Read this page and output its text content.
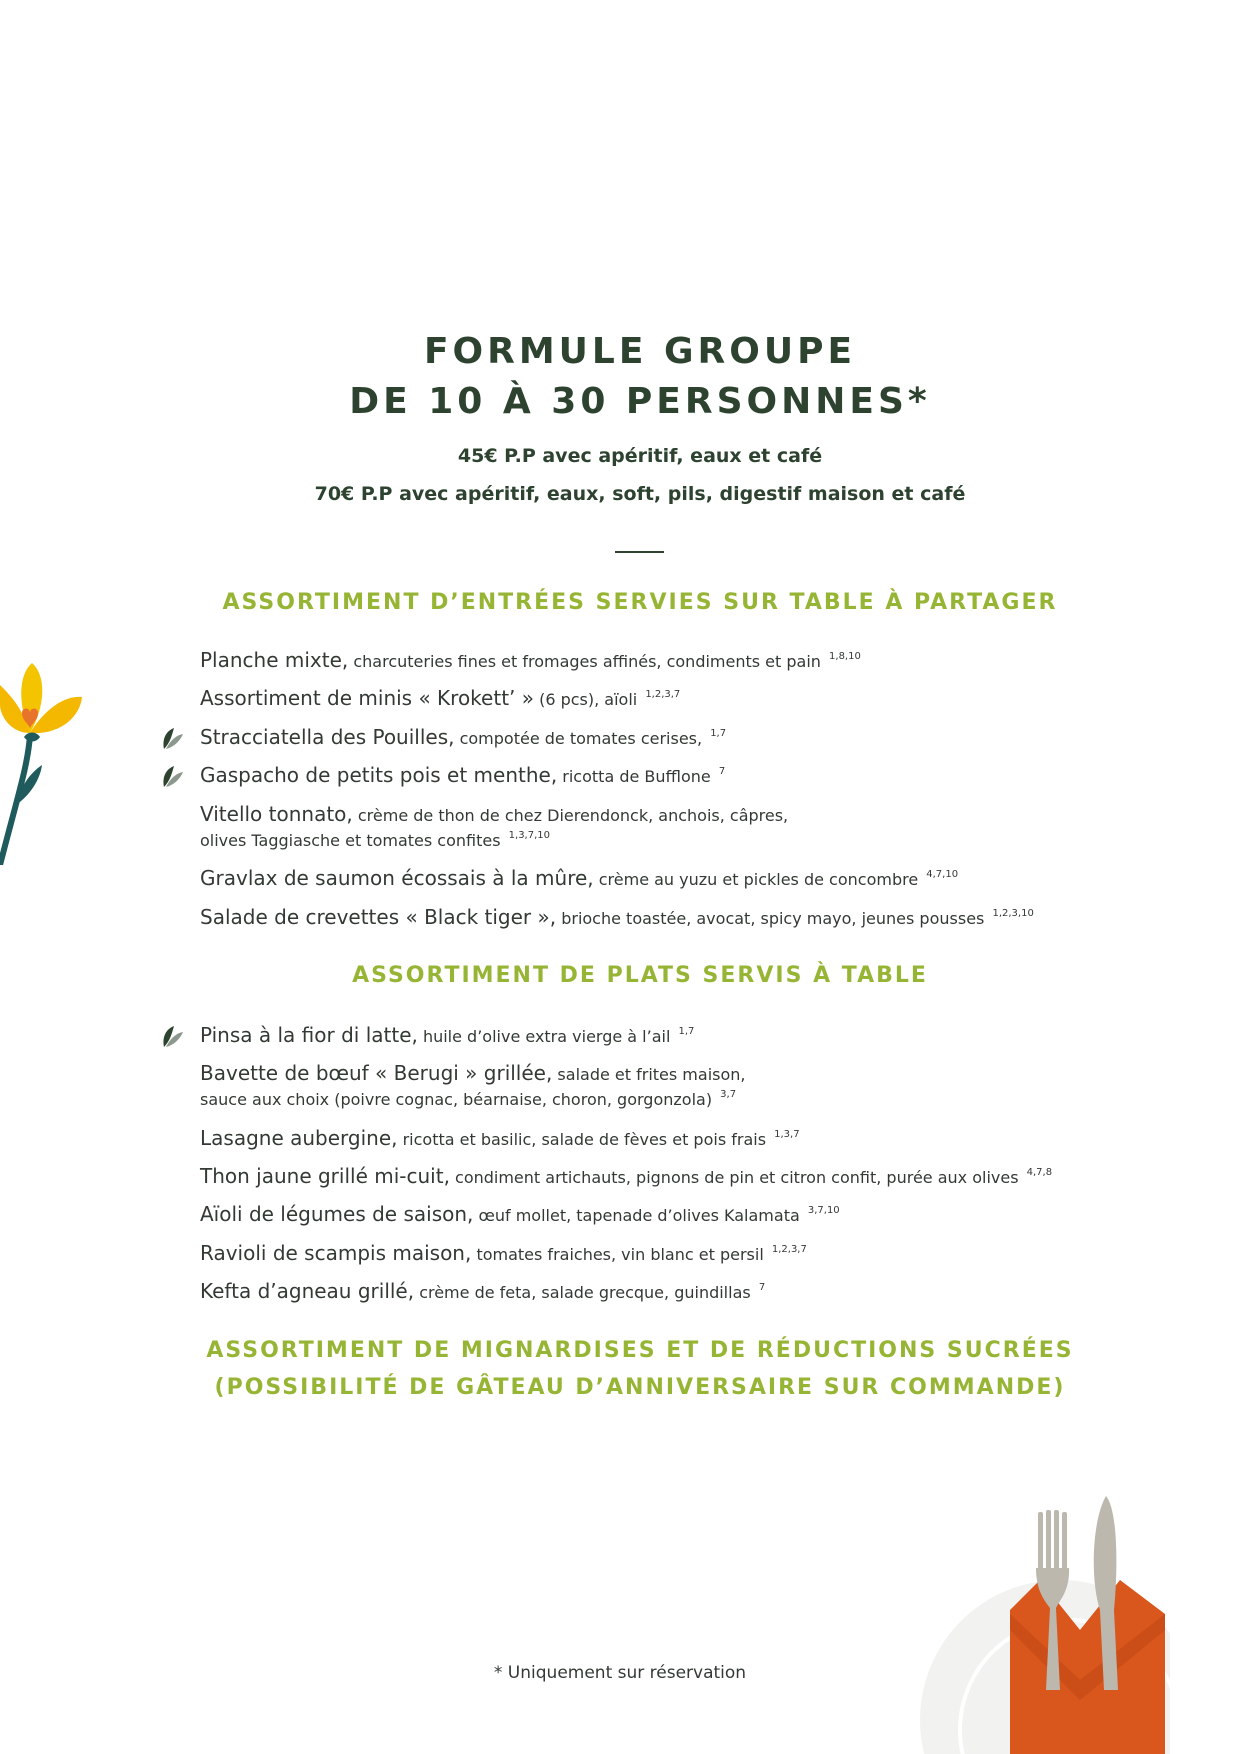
FORMULE GROUPE
DE 10 À 30 PERSONNES*
45€ P.P avec apéritif, eaux et café
70€ P.P avec apéritif, eaux, soft, pils, digestif maison et café
ASSORTIMENT D’ENTRÉES SERVIES SUR TABLE À PARTAGER
Planche mixte, charcuteries fines et fromages affinés, condiments et pain $^{1,8,10}$
Assortiment de minis « Krokett’ » (6 pcs), aïoli $^{1,2,3,7}$
Stracciatella des Pouilles, compotée de tomates cerises, $^{1,7}$
Gaspacho de petits pois et menthe, ricotta de Bufflone $^7$
Vitello tonnato, crème de thon de chez Dierendonck, anchois, câpres,
olives Taggiasche et tomates confites $^{1,3,7,10}$
Gravlax de saumon écossais à la mûre, crème au yuzu et pickles de concombre $^{4,7,10}$
Salade de crevettes « Black tiger », brioche toastée, avocat, spicy mayo, jeunes pousses $^{1,2,3,10}$
ASSORTIMENT DE PLATS SERVIS À TABLE
Pinsa à la fior di latte, huile d’olive extra vierge à l’ail $^{1,7}$
Bavette de bœuf « Berugi » grillée, salade et frites maison,
sauce aux choix (poivre cognac, béarnaise, choron, gorgonzola) $^{3,7}$
Lasagne aubergine, ricotta et basilic, salade de fèves et pois frais $^{1,3,7}$
Thon jaune grillé mi-cuit, condiment artichauts, pignons de pin et citron confit, purée aux olives $^{4,7,8}$
Aïoli de légumes de saison, œuf mollet, tapenade d’olives Kalamata $^{3,7,10}$
Ravioli de scampis maison, tomates fraiches, vin blanc et persil $^{1,2,3,7}$
Kefta d’agneau grillé, crème de feta, salade grecque, guindillas $^7$
ASSORTIMENT DE MIGNARDISES ET DE RÉDUCTIONS SUCRÉES
(POSSIBILITÉ DE GÂTEAU D’ANNIVERSAIRE SUR COMMANDE)
* Uniquement sur réservation
